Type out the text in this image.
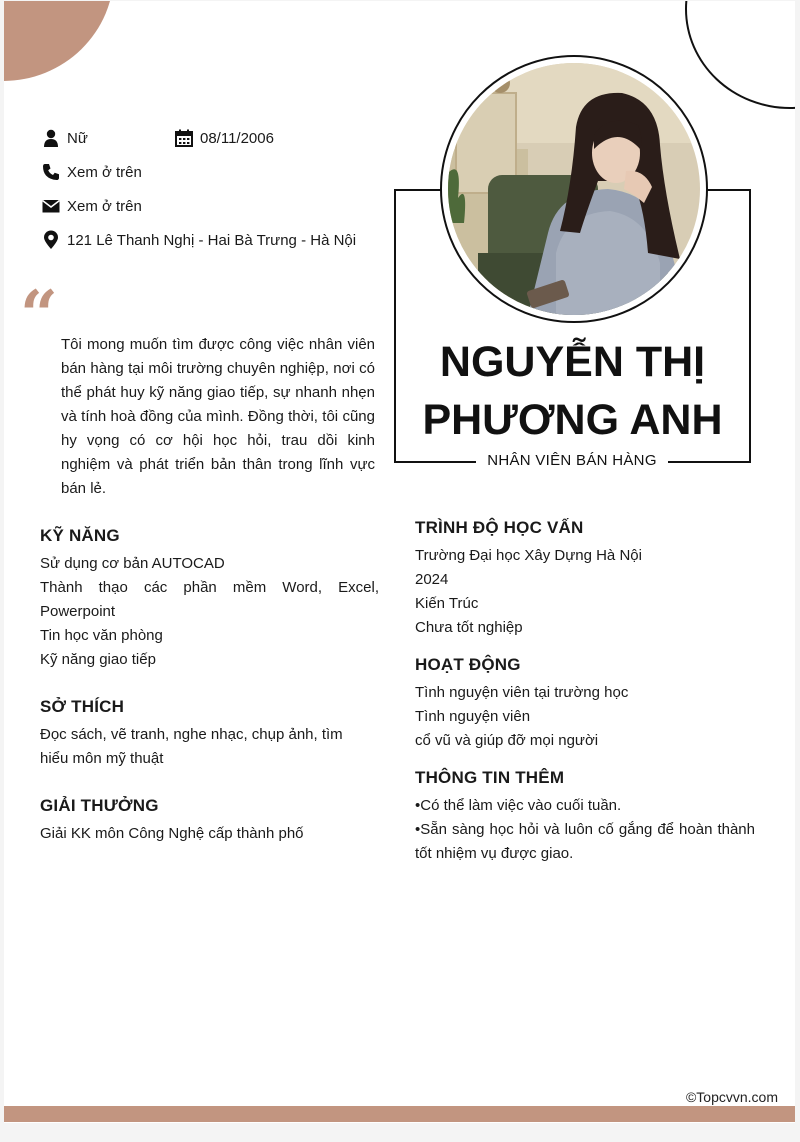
Nữ	08/11/2006
Xem ở trên
Xem ở trên
121 Lê Thanh Nghị - Hai Bà Trưng - Hà Nội
“ Tôi mong muốn tìm được công việc nhân viên bán hàng tại môi trường chuyên nghiệp, nơi có thể phát huy kỹ năng giao tiếp, sự nhanh nhẹn và tính hoà đồng của mình. Đồng thời, tôi cũng hy vọng có cơ hội học hỏi, trau dồi kinh nghiệm và phát triển bản thân trong lĩnh vực bán lẻ.
KỸ NĂNG
Sử dụng cơ bản AUTOCAD
Thành thạo các phần mềm Word, Excel, Powerpoint
Tin học văn phòng
Kỹ năng giao tiếp
SỞ THÍCH
Đọc sách, vẽ tranh, nghe nhạc, chụp ảnh, tìm hiểu môn mỹ thuật
GIẢI THƯỞNG
Giải KK môn Công Nghệ cấp thành phố
NGUYỄN THỊ
PHƯƠNG ANH
NHÂN VIÊN BÁN HÀNG
TRÌNH ĐỘ HỌC VẤN
Trường Đại học Xây Dựng Hà Nội
2024
Kiến Trúc
Chưa tốt nghiệp
HOẠT ĐỘNG
Tình nguyện viên tại trường học
Tình nguyện viên
cổ vũ và giúp đỡ mọi người
THÔNG TIN THÊM
•Có thể làm việc vào cuối tuần.
•Sẵn sàng học hỏi và luôn cố gắng để hoàn thành tốt nhiệm vụ được giao.
©Topcvvn.com
